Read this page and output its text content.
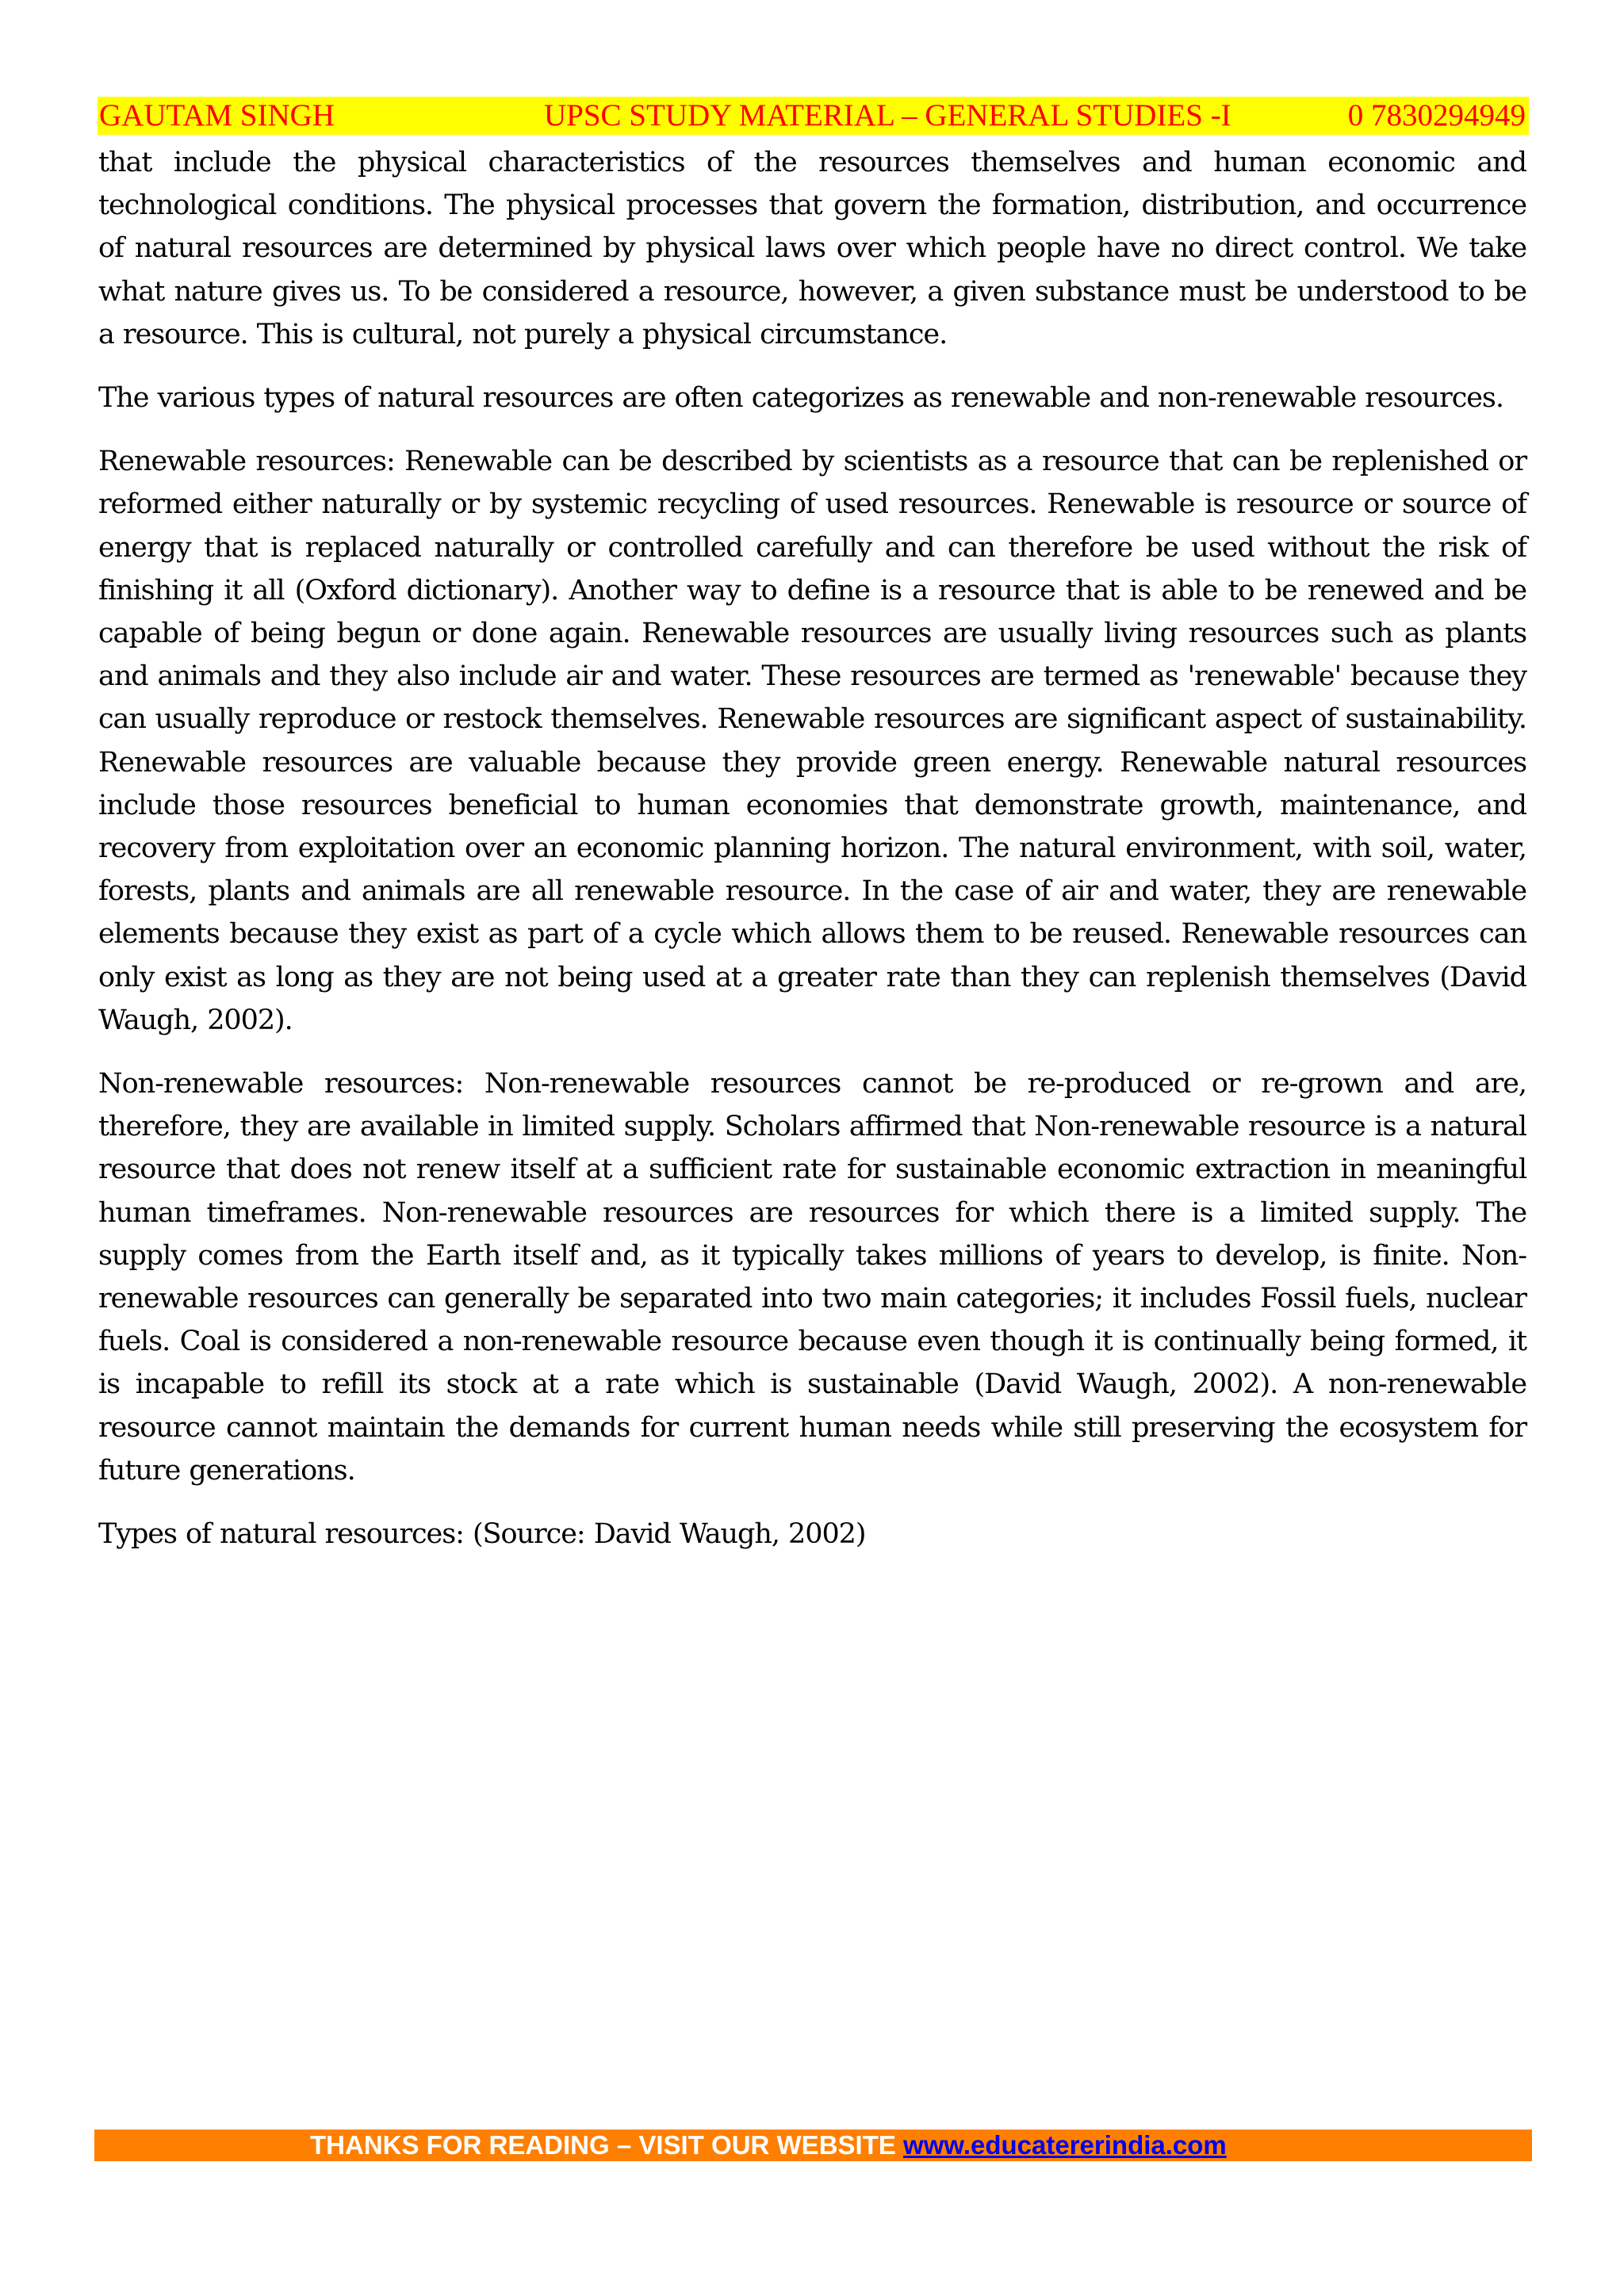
GAUTAM SINGH	UPSC STUDY MATERIAL – GENERAL STUDIES -I	0 7830294949

that include the physical characteristics of the resources themselves and human economic and technological conditions. The physical processes that govern the formation, distribution, and occurrence of natural resources are determined by physical laws over which people have no direct control. We take what nature gives us. To be considered a resource, however, a given substance must be understood to be a resource. This is cultural, not purely a physical circumstance.

The various types of natural resources are often categorizes as renewable and non-renewable resources.

Renewable resources: Renewable can be described by scientists as a resource that can be replenished or reformed either naturally or by systemic recycling of used resources. Renewable is resource or source of energy that is replaced naturally or controlled carefully and can therefore be used without the risk of finishing it all (Oxford dictionary). Another way to define is a resource that is able to be renewed and be capable of being begun or done again. Renewable resources are usually living resources such as plants and animals and they also include air and water. These resources are termed as 'renewable' because they can usually reproduce or restock themselves. Renewable resources are significant aspect of sustainability. Renewable resources are valuable because they provide green energy. Renewable natural resources include those resources beneficial to human economies that demonstrate growth, maintenance, and recovery from exploitation over an economic planning horizon. The natural environment, with soil, water, forests, plants and animals are all renewable resource. In the case of air and water, they are renewable elements because they exist as part of a cycle which allows them to be reused. Renewable resources can only exist as long as they are not being used at a greater rate than they can replenish themselves (David Waugh, 2002).

Non-renewable resources: Non-renewable resources cannot be re-produced or re-grown and are, therefore, they are available in limited supply. Scholars affirmed that Non-renewable resource is a natural resource that does not renew itself at a sufficient rate for sustainable economic extraction in meaningful human timeframes. Non-renewable resources are resources for which there is a limited supply. The supply comes from the Earth itself and, as it typically takes millions of years to develop, is finite. Non-renewable resources can generally be separated into two main categories; it includes Fossil fuels, nuclear fuels. Coal is considered a non-renewable resource because even though it is continually being formed, it is incapable to refill its stock at a rate which is sustainable (David Waugh, 2002). A non-renewable resource cannot maintain the demands for current human needs while still preserving the ecosystem for future generations.

Types of natural resources: (Source: David Waugh, 2002)

THANKS FOR READING – VISIT OUR WEBSITE www.educatererindia.com
